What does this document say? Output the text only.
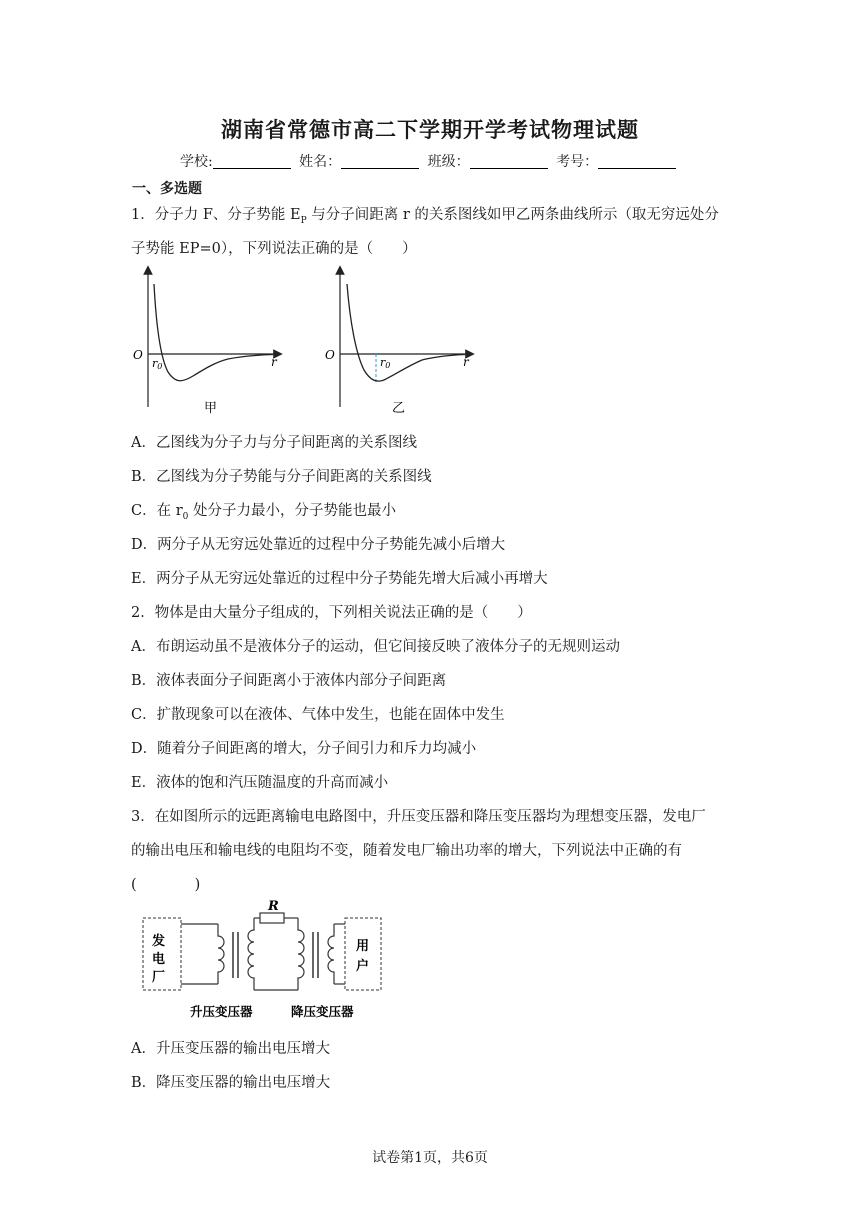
湖南省常德市高二下学期开学考试物理试题
学校:	姓名：	班级：	考号：
一、多选题
1．分子力 F、分子势能 $E_P$ 与分子间距离 r 的关系图线如甲乙两条曲线所示（取无穷远处分
子势能 EP=0），下列说法正确的是（　　）
O	r
r0
甲
O	r
r0
乙
A．乙图线为分子力与分子间距离的关系图线
B．乙图线为分子势能与分子间距离的关系图线
C．在 $r_0$ 处分子力最小，分子势能也最小
D．两分子从无穷远处靠近的过程中分子势能先减小后增大
E．两分子从无穷远处靠近的过程中分子势能先增大后减小再增大
2．物体是由大量分子组成的，下列相关说法正确的是（　　）
A．布朗运动虽不是液体分子的运动，但它间接反映了液体分子的无规则运动
B．液体表面分子间距离小于液体内部分子间距离
C．扩散现象可以在液体、气体中发生，也能在固体中发生
D．随着分子间距离的增大，分子间引力和斥力均减小
E．液体的饱和汽压随温度的升高而减小
3．在如图所示的远距离输电电路图中，升压变压器和降压变压器均为理想变压器，发电厂
的输出电压和输电线的电阻均不变，随着发电厂输出功率的增大，下列说法中正确的有
(　　　　)
发
电
厂
R
用
户
升压变压器	降压变压器
A．升压变压器的输出电压增大
B．降压变压器的输出电压增大
试卷第1页，共6页
